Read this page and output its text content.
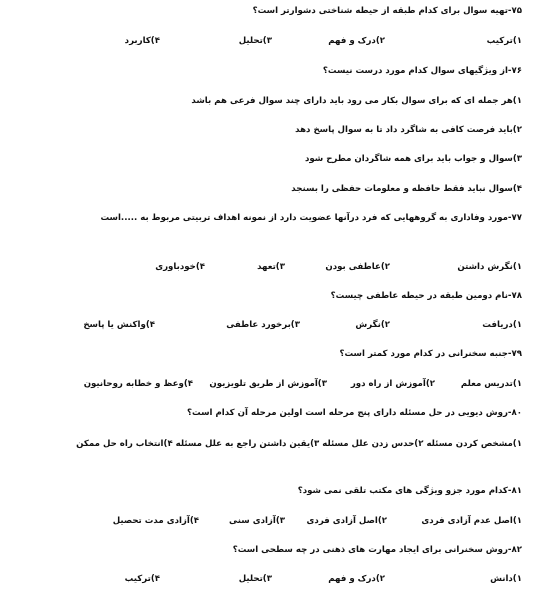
۷۵-تهیه سوال برای کدام طبقه از حیطه شناختی دشوارتر است؟
۱)ترکیب
۲)درک و فهم
۳)تحلیل
۴)کاربرد
۷۶-از ویژگیهای سوال کدام مورد درست نیست؟
۱)هر جمله ای که برای سوال بکار می رود باید دارای چند سوال فرعی هم باشد
۲)باید فرصت کافی به شاگرد داد تا به سوال پاسخ دهد
۳)سوال و جواب باید برای همه شاگردان مطرح شود
۴)سوال نباید فقط حافظه و معلومات حفظی را بسنجد
۷۷-مورد وفاداری به گروههایی که فرد درآنها عضویت دارد از نمونه اهداف تربیتی مربوط به .....است
۱)نگرش داشتن
۲)عاطفی بودن
۳)تعهد
۴)خودباوری
۷۸-نام دومین طبقه در حیطه عاطفی چیست؟
۱)دریافت
۲)نگرش
۳)برخورد عاطفی
۴)واکنش یا پاسخ
۷۹-جنبه سخنرانی در کدام مورد کمتر است؟
۱)تدریس معلم
۲)آموزش از راه دور
۳)آموزش از طریق تلویزیون
۴)وعظ و خطابه روحانیون
۸۰-روش دیویی در حل مسئله دارای پنج مرحله است اولین مرحله آن کدام است؟
۱)مشخص کردن مسئله ۲)حدس زدن علل مسئله ۳)یقین داشتن راجع به علل مسئله ۴)انتخاب راه حل ممکن
۸۱-کدام مورد جزو ویژگی های مکتب تلقی نمی شود؟
۱)اصل عدم آزادی فردی
۲)اصل آزادی فردی
۳)آزادی سنی
۴)آزادی مدت تحصیل
۸۲-روش سخنرانی برای ایجاد مهارت های ذهنی در چه سطحی است؟
۱)دانش
۲)درک و فهم
۳)تحلیل
۴)ترکیب
